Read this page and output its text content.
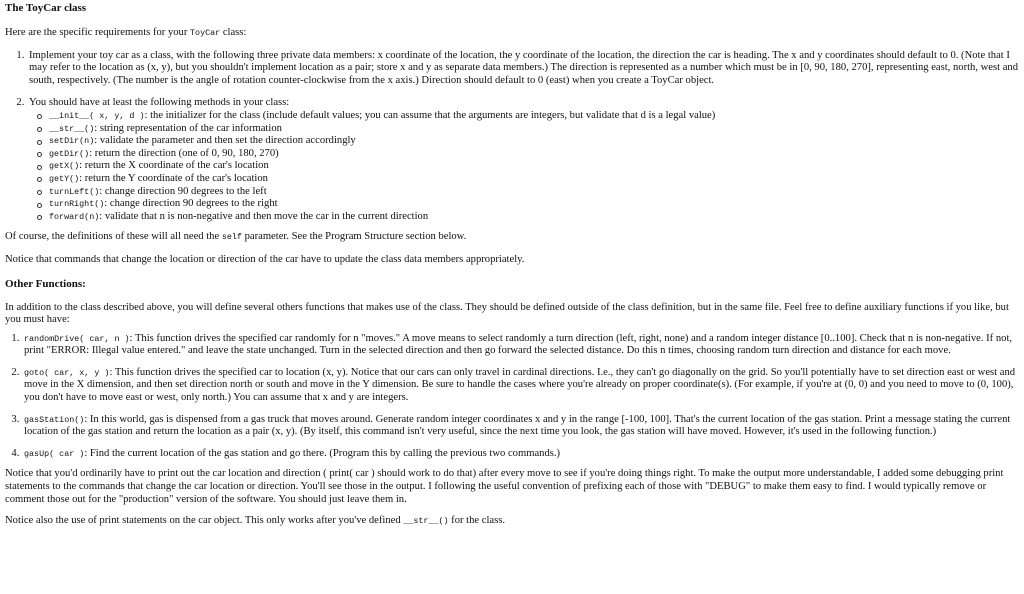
The ToyCar class

Here are the specific requirements for your ToyCar class:

1. Implement your toy car as a class, with the following three private data members: x coordinate of the location, the y coordinate of the location, the direction the car is heading. The x and y coordinates should default to 0. (Note that I may refer to the location as (x, y), but you shouldn't implement location as a pair; store x and y as separate data members.) The direction is represented as a number which must be in [0, 90, 180, 270], representing east, north, west and south, respectively. (The number is the angle of rotation counter-clockwise from the x axis.) Direction should default to 0 (east) when you create a ToyCar object.
2. You should have at least the following methods in your class:
__init__( x, y, d ): the initializer for the class (include default values; you can assume that the arguments are integers, but validate that d is a legal value)
__str__(): string representation of the car information
setDir(n): validate the parameter and then set the direction accordingly
getDir(): return the direction (one of 0, 90, 180, 270)
getX(): return the X coordinate of the car's location
getY(): return the Y coordinate of the car's location
turnLeft(): change direction 90 degrees to the left
turnRight(): change direction 90 degrees to the right
forward(n): validate that n is non-negative and then move the car in the current direction

Of course, the definitions of these will all need the self parameter. See the Program Structure section below.

Notice that commands that change the location or direction of the car have to update the class data members appropriately.

Other Functions:

In addition to the class described above, you will define several others functions that makes use of the class. They should be defined outside of the class definition, but in the same file. Feel free to define auxiliary functions if you like, but you must have:

1. randomDrive( car, n ): This function drives the specified car randomly for n "moves." A move means to select randomly a turn direction (left, right, none) and a random integer distance [0..100]. Check that n is non-negative. If not, print "ERROR: Illegal value entered." and leave the state unchanged. Turn in the selected direction and then go forward the selected distance. Do this n times, choosing random turn direction and distance for each move.
2. goto( car, x, y ): This function drives the specified car to location (x, y). Notice that our cars can only travel in cardinal directions. I.e., they can't go diagonally on the grid. So you'll potentially have to set direction east or west and move in the X dimension, and then set direction north or south and move in the Y dimension. Be sure to handle the cases where you're already on proper coordinate(s). (For example, if you're at (0, 0) and you need to move to (0, 100), you don't have to move east or west, only north.) You can assume that x and y are integers.
3. gasStation(): In this world, gas is dispensed from a gas truck that moves around. Generate random integer coordinates x and y in the range [-100, 100]. That's the current location of the gas station. Print a message stating the current location of the gas station and return the location as a pair (x, y). (By itself, this command isn't very useful, since the next time you look, the gas station will have moved. However, it's used in the following function.)
4. gasUp( car ): Find the current location of the gas station and go there. (Program this by calling the previous two commands.)

Notice that you'd ordinarily have to print out the car location and direction ( print( car ) should work to do that) after every move to see if you're doing things right. To make the output more understandable, I added some debugging print statements to the commands that change the car location or direction. You'll see those in the output. I following the useful convention of prefixing each of those with "DEBUG" to make them easy to find. I would typically remove or comment those out for the "production" version of the software. You should just leave them in.

Notice also the use of print statements on the car object. This only works after you've defined __str__() for the class.
